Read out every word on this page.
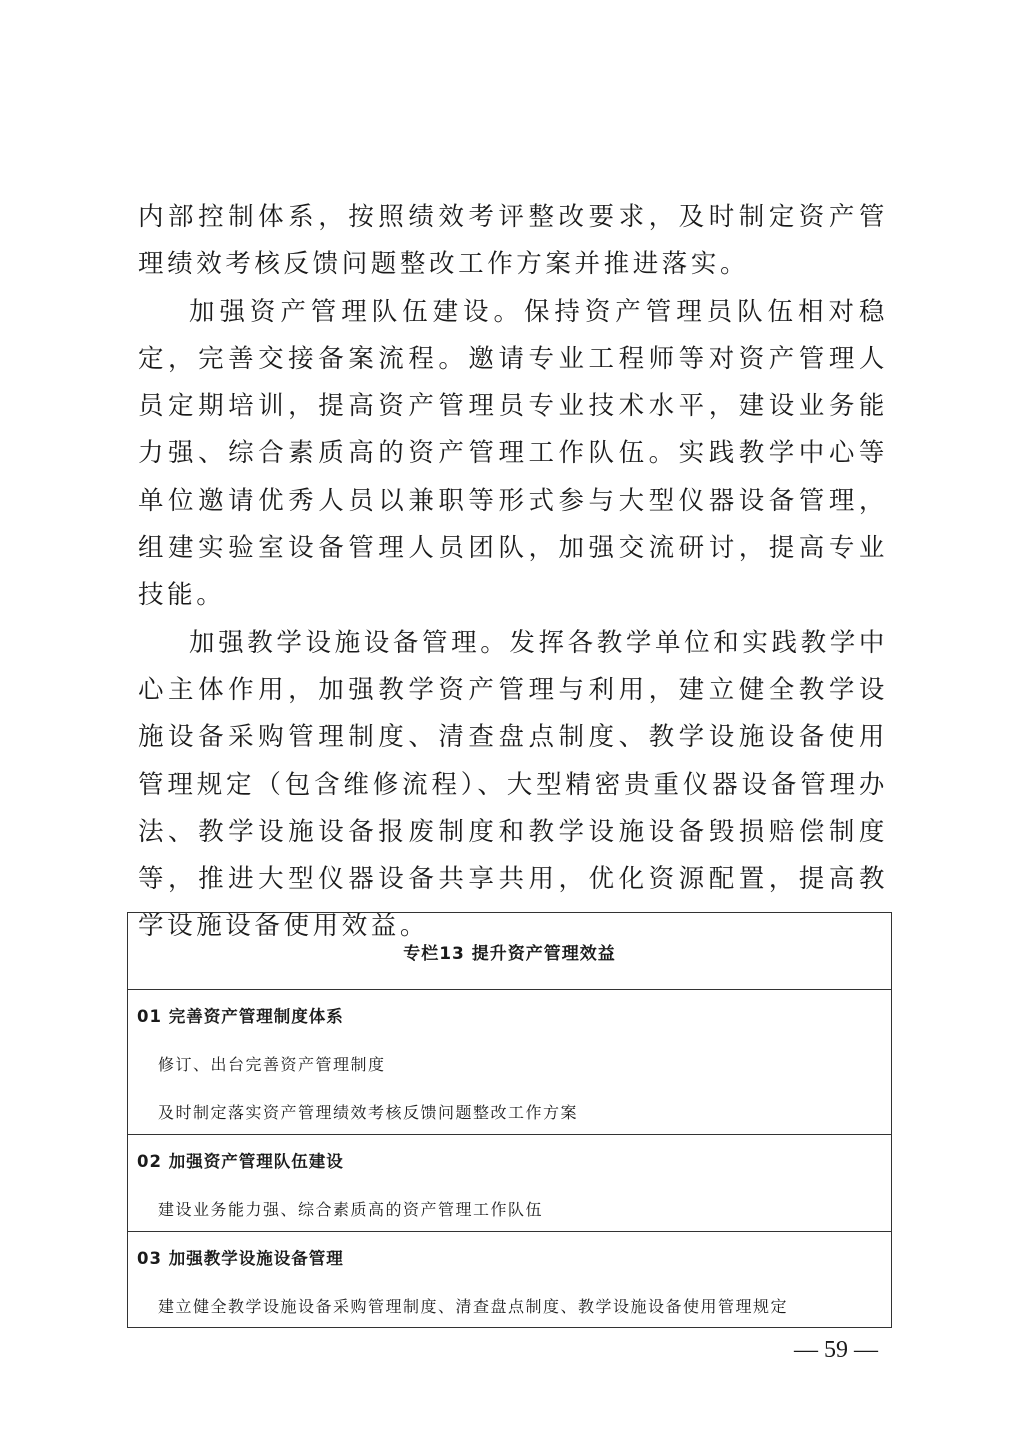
内部控制体系，按照绩效考评整改要求，及时制定资产管理绩效考核反馈问题整改工作方案并推进落实。

加强资产管理队伍建设。保持资产管理员队伍相对稳定，完善交接备案流程。邀请专业工程师等对资产管理人员定期培训，提高资产管理员专业技术水平，建设业务能力强、综合素质高的资产管理工作队伍。实践教学中心等单位邀请优秀人员以兼职等形式参与大型仪器设备管理，组建实验室设备管理人员团队，加强交流研讨，提高专业技能。

加强教学设施设备管理。发挥各教学单位和实践教学中心主体作用，加强教学资产管理与利用，建立健全教学设施设备采购管理制度、清查盘点制度、教学设施设备使用管理规定（包含维修流程）、大型精密贵重仪器设备管理办法、教学设施设备报废制度和教学设施设备毁损赔偿制度等，推进大型仪器设备共享共用，优化资源配置，提高教学设施设备使用效益。

专栏13 提升资产管理效益
01 完善资产管理制度体系
修订、出台完善资产管理制度
及时制定落实资产管理绩效考核反馈问题整改工作方案
02 加强资产管理队伍建设
建设业务能力强、综合素质高的资产管理工作队伍
03 加强教学设施设备管理
建立健全教学设施设备采购管理制度、清查盘点制度、教学设施设备使用管理规定
— 59 —
